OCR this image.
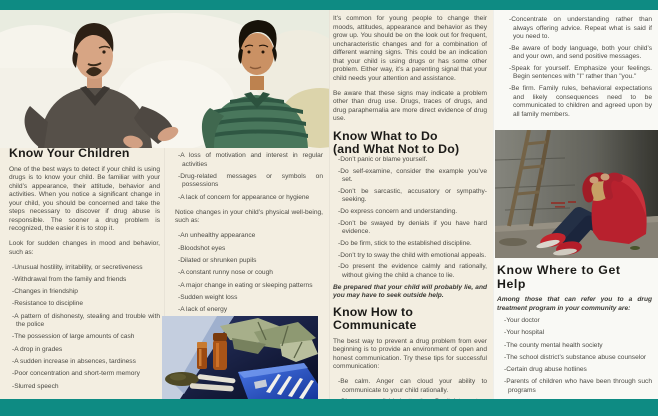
Know Your Children

One of the best ways to detect if your child is using drugs is to know your child. Be familiar with your child’s appearance, their attitude, behavior and activities. When you notice a significant change in your child, you should be concerned and take the steps necessary to discover if drug abuse is responsible. The sooner a drug problem is recognized, the easier it is to stop it.

Look for sudden changes in mood and behavior, such as:

-Unusual hostility, irritability, or secretiveness
-Withdrawal from the family and friends
-Changes in friendship
-Resistance to discipline
-A pattern of dishonesty, stealing and trouble with the police
-The possession of large amounts of cash
-A drop in grades
-A sudden increase in absences, tardiness
-Poor concentration and short-term memory
-Slurred speech
-A loss of motivation and interest in regular activities
-Drug-related messages or symbols on possessions
-A lack of concern for appearance or hygiene

Notice changes in your child’s physical well-being, such as:

-An unhealthy appearance
-Bloodshot eyes
-Dilated or shrunken pupils
-A constant runny nose or cough
-A major change in eating or sleeping patterns
-Sudden weight loss
-A lack of energy

It’s common for young people to change their moods, attitudes, appearance and behavior as they grow up. You should be on the look out for frequent, uncharacteristic changes and for a combination of different warning signs. This could be an indication that your child is using drugs or has some other problem. Either way, it’s a parenting signal that your child needs your attention and assistance.

Be aware that these signs may indicate a problem other than drug use. Drugs, traces of drugs, and drug paraphernalia are more direct evidence of drug use.

Know What to Do
(and What Not to Do)
-Don’t panic or blame yourself.
-Do self-examine, consider the example you’ve set.
-Don’t be sarcastic, accusatory or sympathy-seeking.
-Do express concern and understanding.
-Don’t be swayed by denials if you have hard evidence.
-Do be firm, stick to the established discipline.
-Don’t try to sway the child with emotional appeals.
-Do present the evidence calmly and rationally, without giving the child a chance to lie.

Be prepared that your child will probably lie, and you may have to seek outside help.

Know How to Communicate

The best way to prevent a drug problem from ever beginning is to provide an environment of open and honest communication. Try these tips for successful communication:

-Be calm. Anger can cloud your ability to communicate to your child rationally.
-Concentrate on understanding rather than always offering advice. Repeat what is said if you need to.
-Be aware of body language, both your child’s and your own, and send positive messages.
-Speak for yourself. Emphasize your feelings. Begin sentences with "I" rather than "you."
-Be firm. Family rules, behavioral expectations and likely consequences need to be communicated to children and agreed upon by all family members.
Know Where to Get Help

Among those that can refer you to a drug treatment program in your community are:

-Your doctor
-Your hospital
-The county mental health society
-The school district’s substance abuse counselor
-Certain drug abuse hotlines
-Parents of children who have been through such programs
